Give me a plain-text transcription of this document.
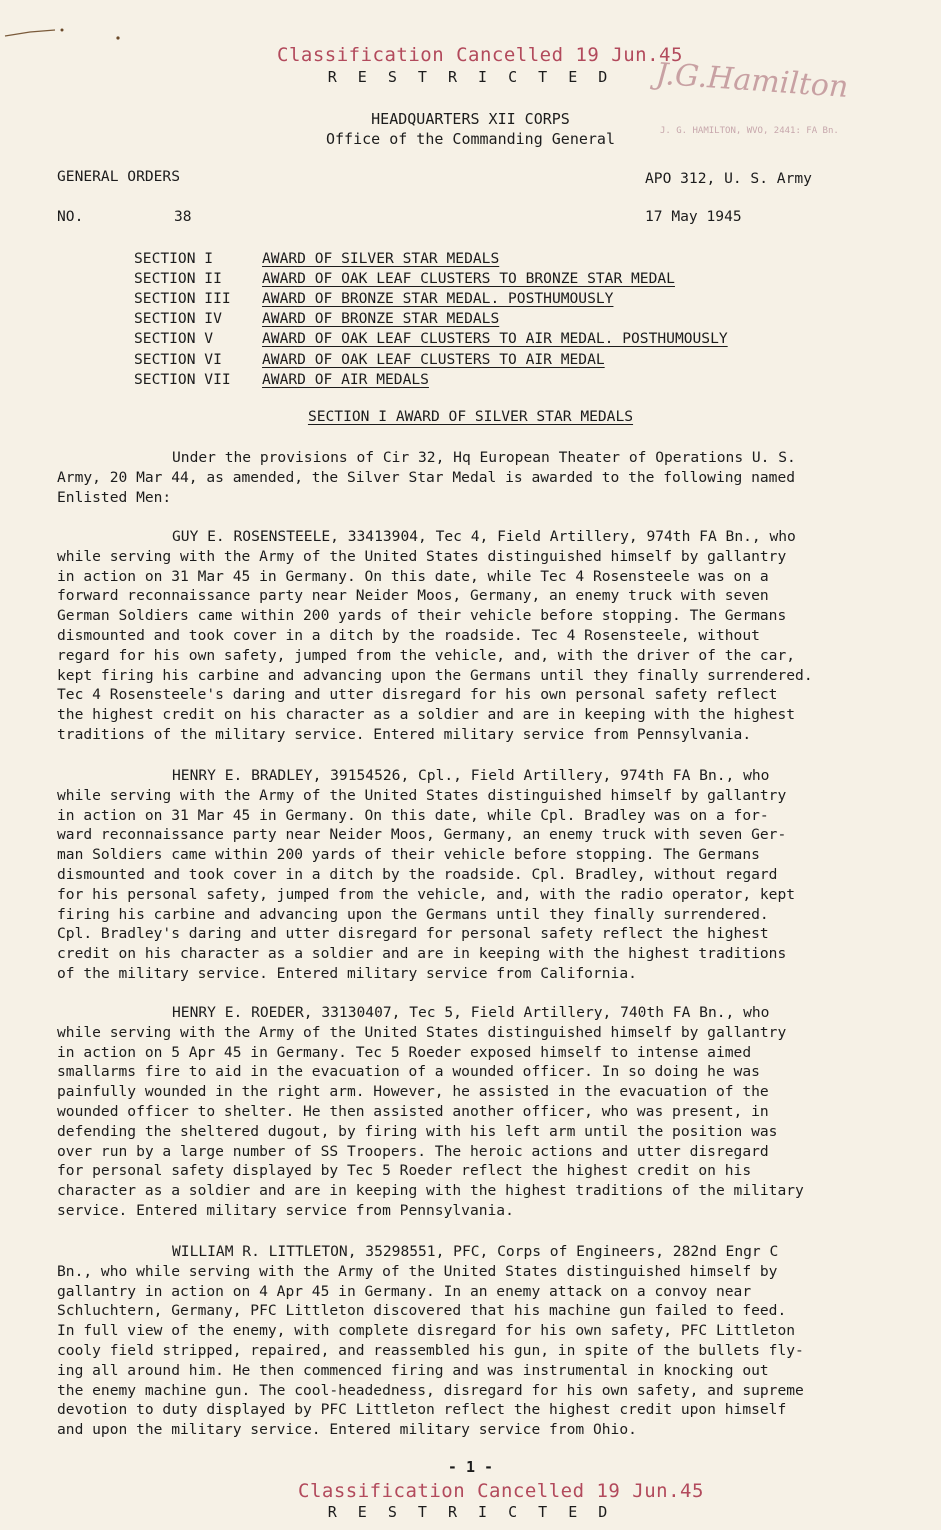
Classification Cancelled 19 Jun.45
R E S T R I C T E D	J.G.Hamilton
J. G. HAMILTON, WVO, 2441: FA Bn.
HEADQUARTERS XII CORPS
Office of the Commanding General
GENERAL ORDERS	APO 312, U. S. Army
NO.	38	17 May 1945
SECTION I	AWARD OF SILVER STAR MEDALS
SECTION II	AWARD OF OAK LEAF CLUSTERS TO BRONZE STAR MEDAL
SECTION III	AWARD OF BRONZE STAR MEDAL. POSTHUMOUSLY
SECTION IV	AWARD OF BRONZE STAR MEDALS
SECTION V	AWARD OF OAK LEAF CLUSTERS TO AIR MEDAL. POSTHUMOUSLY
SECTION VI	AWARD OF OAK LEAF CLUSTERS TO AIR MEDAL
SECTION VII	AWARD OF AIR MEDALS
SECTION I AWARD OF SILVER STAR MEDALS
Under the provisions of Cir 32, Hq European Theater of Operations U. S.
Army, 20 Mar 44, as amended, the Silver Star Medal is awarded to the following named
Enlisted Men:
GUY E. ROSENSTEELE, 33413904, Tec 4, Field Artillery, 974th FA Bn., who
while serving with the Army of the United States distinguished himself by gallantry
in action on 31 Mar 45 in Germany. On this date, while Tec 4 Rosensteele was on a
forward reconnaissance party near Neider Moos, Germany, an enemy truck with seven
German Soldiers came within 200 yards of their vehicle before stopping. The Germans
dismounted and took cover in a ditch by the roadside. Tec 4 Rosensteele, without
regard for his own safety, jumped from the vehicle, and, with the driver of the car,
kept firing his carbine and advancing upon the Germans until they finally surrendered.
Tec 4 Rosensteele's daring and utter disregard for his own personal safety reflect
the highest credit on his character as a soldier and are in keeping with the highest
traditions of the military service. Entered military service from Pennsylvania.
HENRY E. BRADLEY, 39154526, Cpl., Field Artillery, 974th FA Bn., who
while serving with the Army of the United States distinguished himself by gallantry
in action on 31 Mar 45 in Germany. On this date, while Cpl. Bradley was on a for-
ward reconnaissance party near Neider Moos, Germany, an enemy truck with seven Ger-
man Soldiers came within 200 yards of their vehicle before stopping. The Germans
dismounted and took cover in a ditch by the roadside. Cpl. Bradley, without regard
for his personal safety, jumped from the vehicle, and, with the radio operator, kept
firing his carbine and advancing upon the Germans until they finally surrendered.
Cpl. Bradley's daring and utter disregard for personal safety reflect the highest
credit on his character as a soldier and are in keeping with the highest traditions
of the military service. Entered military service from California.
HENRY E. ROEDER, 33130407, Tec 5, Field Artillery, 740th FA Bn., who
while serving with the Army of the United States distinguished himself by gallantry
in action on 5 Apr 45 in Germany. Tec 5 Roeder exposed himself to intense aimed
smallarms fire to aid in the evacuation of a wounded officer. In so doing he was
painfully wounded in the right arm. However, he assisted in the evacuation of the
wounded officer to shelter. He then assisted another officer, who was present, in
defending the sheltered dugout, by firing with his left arm until the position was
over run by a large number of SS Troopers. The heroic actions and utter disregard
for personal safety displayed by Tec 5 Roeder reflect the highest credit on his
character as a soldier and are in keeping with the highest traditions of the military
service. Entered military service from Pennsylvania.
WILLIAM R. LITTLETON, 35298551, PFC, Corps of Engineers, 282nd Engr C
Bn., who while serving with the Army of the United States distinguished himself by
gallantry in action on 4 Apr 45 in Germany. In an enemy attack on a convoy near
Schluchtern, Germany, PFC Littleton discovered that his machine gun failed to feed.
In full view of the enemy, with complete disregard for his own safety, PFC Littleton
cooly field stripped, repaired, and reassembled his gun, in spite of the bullets fly-
ing all around him. He then commenced firing and was instrumental in knocking out
the enemy machine gun. The cool-headedness, disregard for his own safety, and supreme
devotion to duty displayed by PFC Littleton reflect the highest credit upon himself
and upon the military service. Entered military service from Ohio.
- 1 -
Classification Cancelled 19 Jun.45
R E S T R I C T E D
